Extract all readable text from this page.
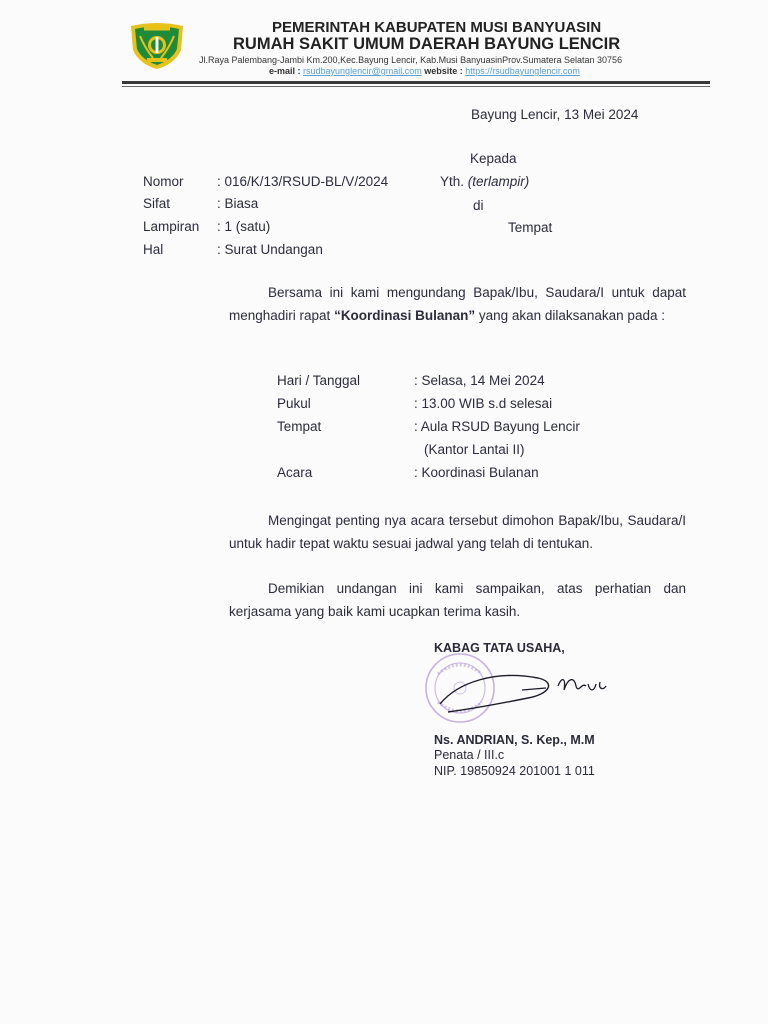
PEMERINTAH KABUPATEN MUSI BANYUASIN
RUMAH SAKIT UMUM DAERAH BAYUNG LENCIR
Jl.Raya Palembang-Jambi Km.200,Kec.Bayung Lencir, Kab.Musi BanyuasinProv.Sumatera Selatan 30756
e-mail : rsudbayunglencir@gmail.com website : https://rsudbayunglencir.com
Bayung Lencir, 13 Mei 2024
Kepada
Yth. (terlampir)
di
Tempat
Nomor : 016/K/13/RSUD-BL/V/2024
Sifat	: Biasa
Lampiran : 1 (satu)
Hal	: Surat Undangan
Bersama ini kami mengundang Bapak/Ibu, Saudara/I untuk dapat menghadiri rapat “Koordinasi Bulanan” yang akan dilaksanakan pada :
Hari / Tanggal	: Selasa, 14 Mei 2024
Pukul	: 13.00 WIB s.d selesai
Tempat	: Aula RSUD Bayung Lencir
(Kantor Lantai II)
Acara	: Koordinasi Bulanan
Mengingat penting nya acara tersebut dimohon Bapak/Ibu, Saudara/I untuk hadir tepat waktu sesuai jadwal yang telah di tentukan.
Demikian undangan ini kami sampaikan, atas perhatian dan kerjasama yang baik kami ucapkan terima kasih.
KABAG TATA USAHA,
Ns. ANDRIAN, S. Kep., M.M
Penata / III.c
NIP. 19850924 201001 1 011
